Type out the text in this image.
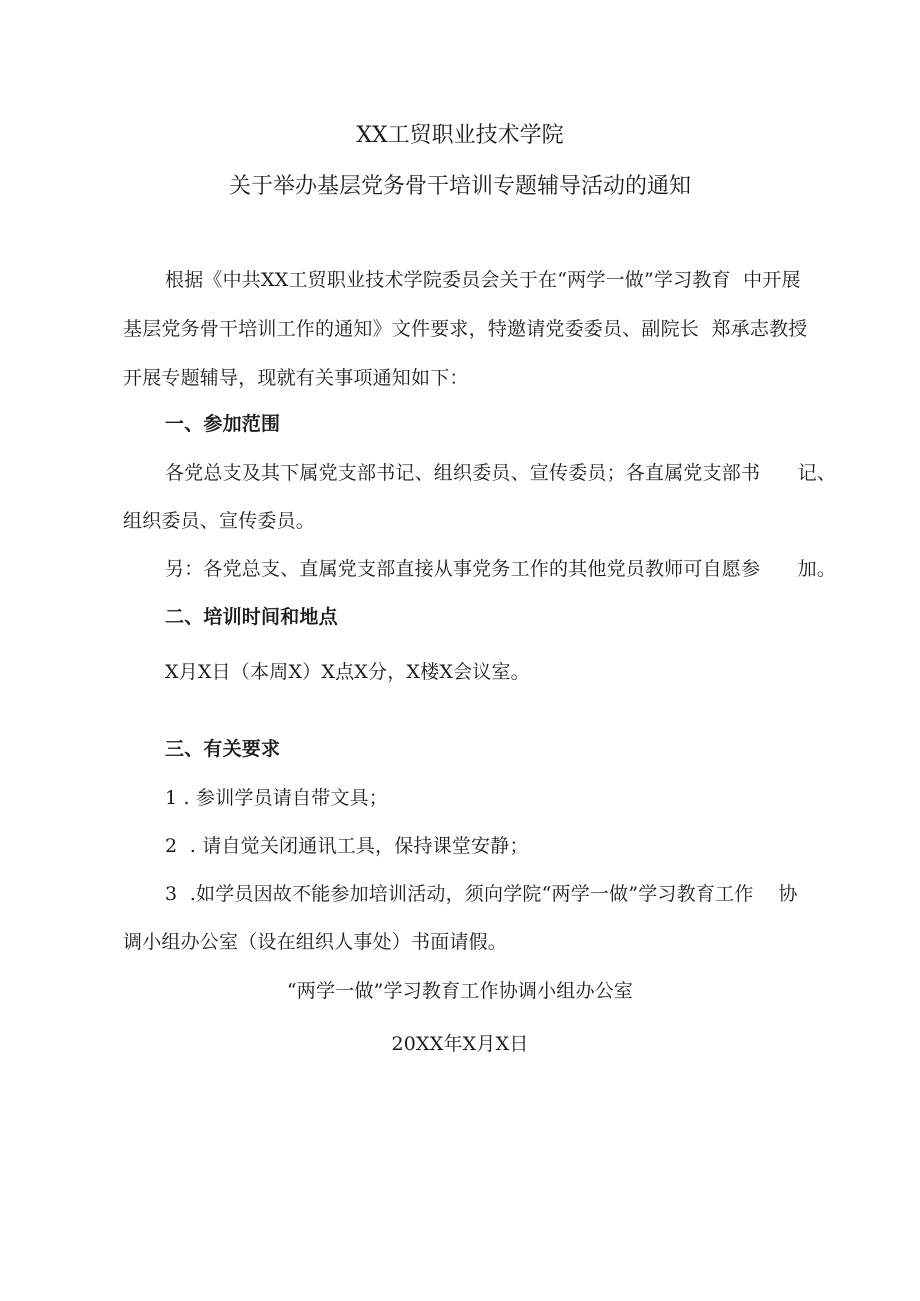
XX工贸职业技术学院
关于举办基层党务骨干培训专题辅导活动的通知
根据《中共XX工贸职业技术学院委员会关于在“两学一做”学习教育  中开展
基层党务骨干培训工作的通知》文件要求，特邀请党委委员、副院长  郑承志教授
开展专题辅导，现就有关事项通知如下：
一、参加范围
各党总支及其下属党支部书记、组织委员、宣传委员；各直属党支部书      记、
组织委员、宣传委员。
另：各党总支、直属党支部直接从事党务工作的其他党员教师可自愿参      加。
二、培训时间和地点
X月X日（本周X）X点X分，X楼X会议室。
三、有关要求
1 . 参训学员请自带文具；
2  . 请自觉关闭通讯工具，保持课堂安静；
3  .如学员因故不能参加培训活动，须向学院“两学一做”学习教育工作    协
调小组办公室（设在组织人事处）书面请假。
“两学一做”学习教育工作协调小组办公室
20XX年X月X日
